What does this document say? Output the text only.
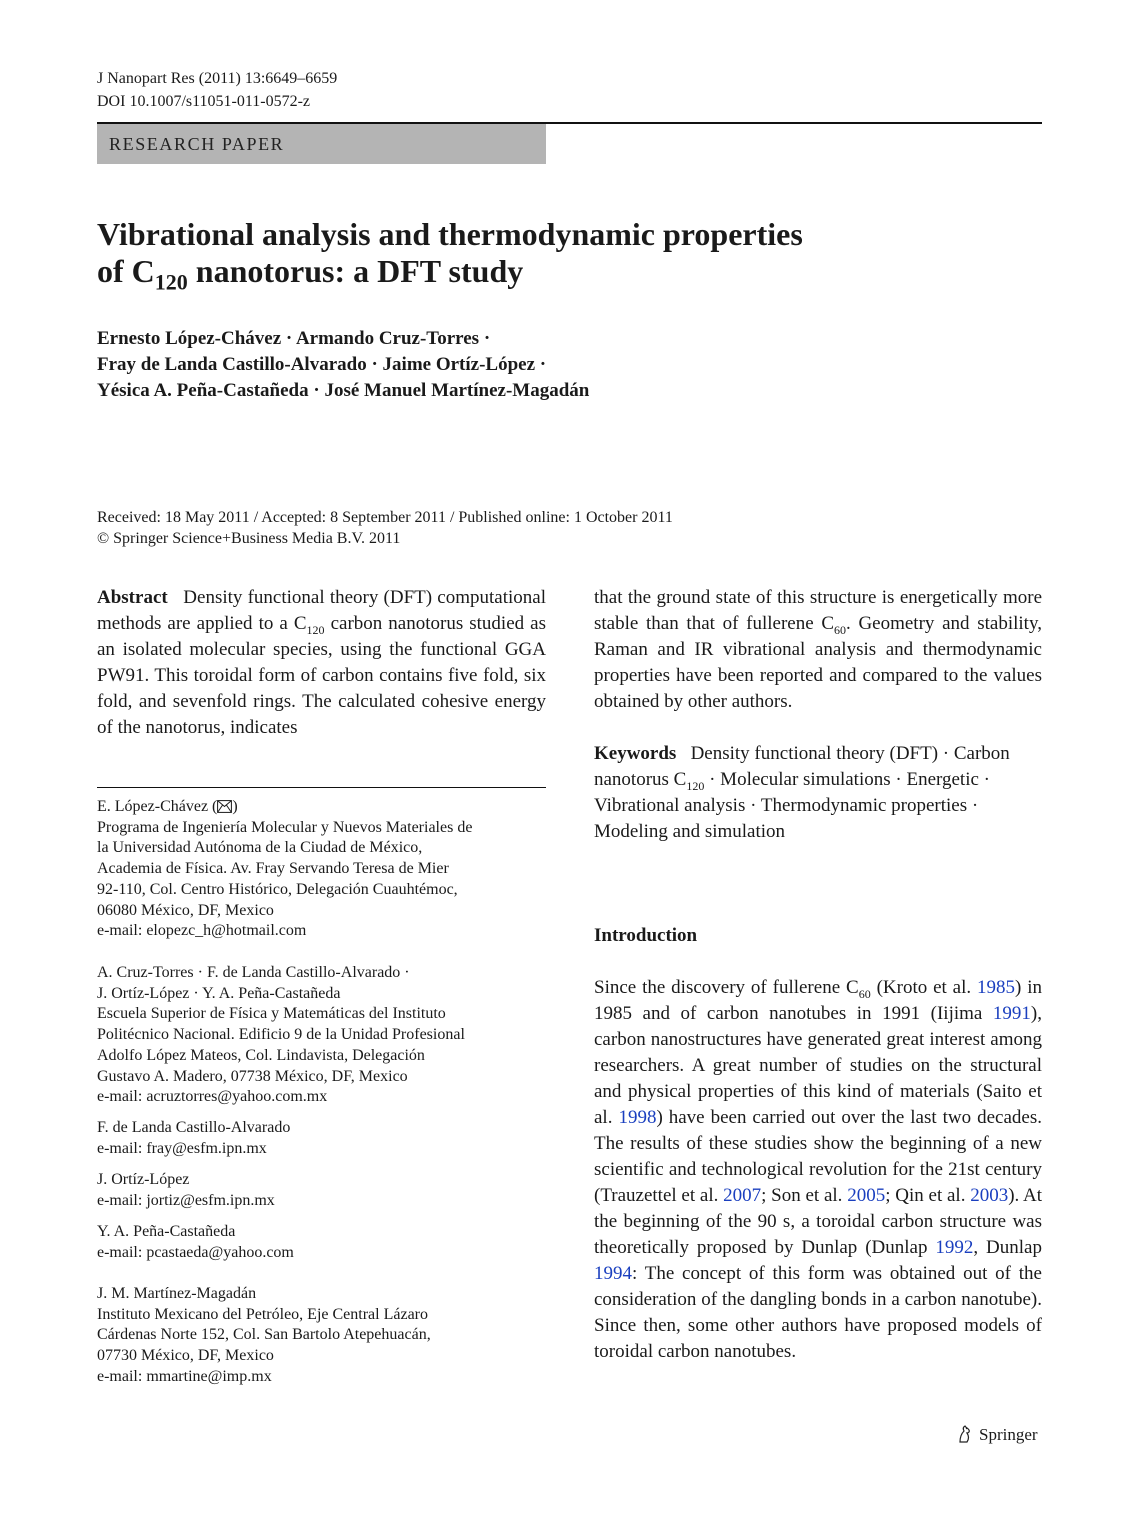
J Nanopart Res (2011) 13:6649–6659
DOI 10.1007/s11051-011-0572-z
RESEARCH PAPER
Vibrational analysis and thermodynamic properties
of $C_{120}$ nanotorus: a DFT study
Ernesto López-Chávez · Armando Cruz-Torres ·
Fray de Landa Castillo-Alvarado · Jaime Ortíz-López ·
Yésica A. Peña-Castañeda · José Manuel Martínez-Magadán
Received: 18 May 2011 / Accepted: 8 September 2011 / Published online: 1 October 2011
© Springer Science+Business Media B.V. 2011
Abstract Density functional theory (DFT) computational methods are applied to a $C_{120}$ carbon nanotorus studied as an isolated molecular species, using the functional GGA PW91. This toroidal form of carbon contains five fold, six fold, and sevenfold rings. The calculated cohesive energy of the nanotorus, indicates
E. López-Chávez ( )
Programa de Ingeniería Molecular y Nuevos Materiales de
la Universidad Autónoma de la Ciudad de México,
Academia de Física. Av. Fray Servando Teresa de Mier
92-110, Col. Centro Histórico, Delegación Cuauhtémoc,
06080 México, DF, Mexico
e-mail: elopezc_h@hotmail.com
A. Cruz-Torres · F. de Landa Castillo-Alvarado ·
J. Ortíz-López · Y. A. Peña-Castañeda
Escuela Superior de Física y Matemáticas del Instituto
Politécnico Nacional. Edificio 9 de la Unidad Profesional
Adolfo López Mateos, Col. Lindavista, Delegación
Gustavo A. Madero, 07738 México, DF, Mexico
e-mail: acruztorres@yahoo.com.mx
F. de Landa Castillo-Alvarado
e-mail: fray@esfm.ipn.mx
J. Ortíz-López
e-mail: jortiz@esfm.ipn.mx
Y. A. Peña-Castañeda
e-mail: pcastaeda@yahoo.com
J. M. Martínez-Magadán
Instituto Mexicano del Petróleo, Eje Central Lázaro
Cárdenas Norte 152, Col. San Bartolo Atepehuacán,
07730 México, DF, Mexico
e-mail: mmartine@imp.mx
that the ground state of this structure is energetically more stable than that of fullerene $C_{60}$. Geometry and stability, Raman and IR vibrational analysis and thermodynamic properties have been reported and compared to the values obtained by other authors.
Keywords Density functional theory (DFT) · Carbon nanotorus $C_{120}$ · Molecular simulations · Energetic · Vibrational analysis · Thermodynamic properties · Modeling and simulation
Introduction
Since the discovery of fullerene $C_{60}$ (Kroto et al. 1985) in 1985 and of carbon nanotubes in 1991 (Iijima 1991), carbon nanostructures have generated great interest among researchers. A great number of studies on the structural and physical properties of this kind of materials (Saito et al. 1998) have been carried out over the last two decades. The results of these studies show the beginning of a new scientific and technological revolution for the 21st century (Trauzettel et al. 2007; Son et al. 2005; Qin et al. 2003). At the beginning of the 90 s, a toroidal carbon structure was theoretically proposed by Dunlap (Dunlap 1992, Dunlap 1994: The concept of this form was obtained out of the consideration of the dangling bonds in a carbon nanotube). Since then, some other authors have proposed models of toroidal carbon nanotubes.
Springer
